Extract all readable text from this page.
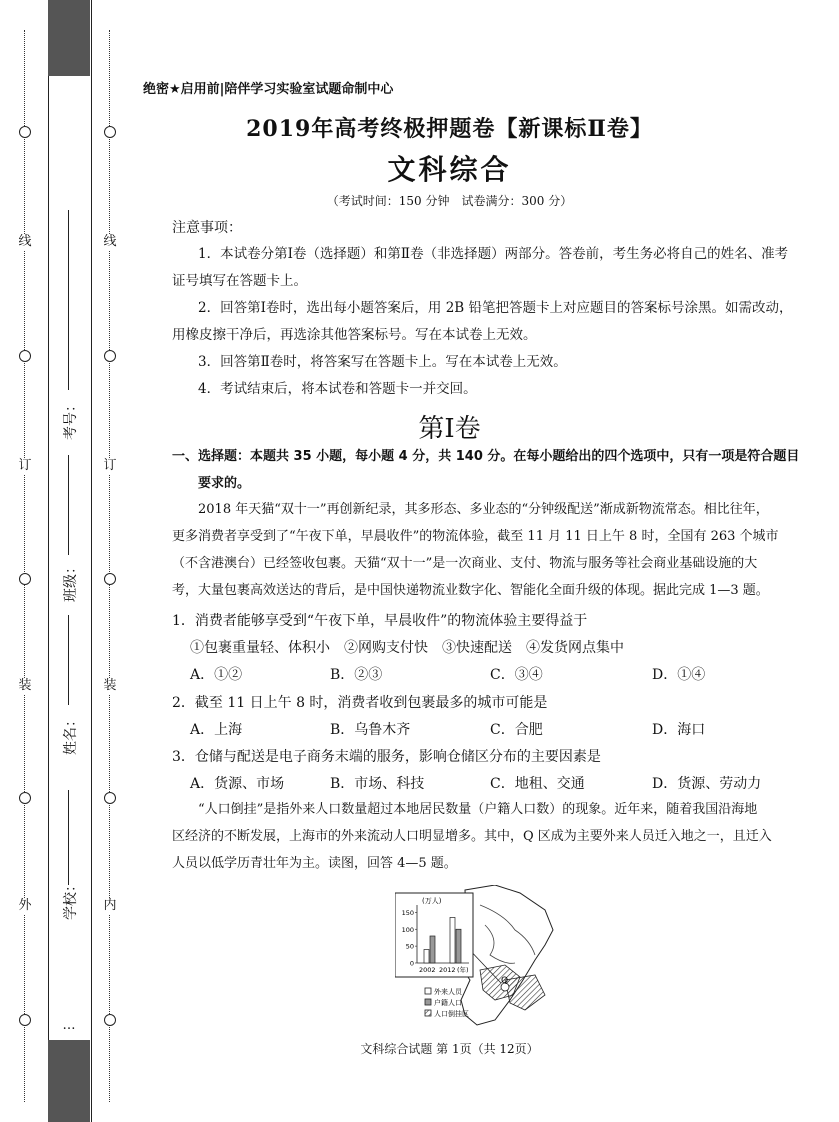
线
订
装
外
线
订
装
内
考号：
班级：
姓名：
学校：
…
绝密★启用前|陪伴学习实验室试题命制中心
2019年高考终极押题卷【新课标Ⅱ卷】
文科综合
（考试时间：150 分钟　试卷满分：300 分）
注意事项：
1．本试卷分第Ⅰ卷（选择题）和第Ⅱ卷（非选择题）两部分。答卷前，考生务必将自己的姓名、准考
证号填写在答题卡上。
2．回答第Ⅰ卷时，选出每小题答案后，用 2B 铅笔把答题卡上对应题目的答案标号涂黑。如需改动，
用橡皮擦干净后，再选涂其他答案标号。写在本试卷上无效。
3．回答第Ⅱ卷时，将答案写在答题卡上。写在本试卷上无效。
4．考试结束后，将本试卷和答题卡一并交回。
第Ⅰ卷
一、选择题：本题共 35 小题，每小题 4 分，共 140 分。在每小题给出的四个选项中，只有一项是符合题目
要求的。
2018 年天猫“双十一”再创新纪录，其多形态、多业态的“分钟级配送”渐成新物流常态。相比往年，
更多消费者享受到了“午夜下单，早晨收件”的物流体验，截至 11 月 11 日上午 8 时，全国有 263 个城市
（不含港澳台）已经签收包裹。天猫“双十一”是一次商业、支付、物流与服务等社会商业基础设施的大
考，大量包裹高效送达的背后，是中国快递物流业数字化、智能化全面升级的体现。据此完成 1—3 题。
1．消费者能够享受到“午夜下单，早晨收件”的物流体验主要得益于
①包裹重量轻、体积小　②网购支付快　③快速配送　④发货网点集中
A．①②	B．②③	C．③④	D．①④
2．截至 11 日上午 8 时，消费者收到包裹最多的城市可能是
A．上海	B．乌鲁木齐	C．合肥	D．海口
3．仓储与配送是电子商务末端的服务，影响仓储区分布的主要因素是
A．货源、市场	B．市场、科技	C．地租、交通	D．货源、劳动力
“人口倒挂”是指外来人口数量超过本地居民数量（户籍人口数）的现象。近年来，随着我国沿海地
区经济的不断发展，上海市的外来流动人口明显增多。其中，Q 区成为主要外来人员迁入地之一，且迁入
人员以低学历青壮年为主。读图，回答 4—5 题。
Q
(万人)
150
100
50
0
2002 2012 (年)
外来人员
户籍人口
人口倒挂区
文科综合试题 第 1页（共 12页）
